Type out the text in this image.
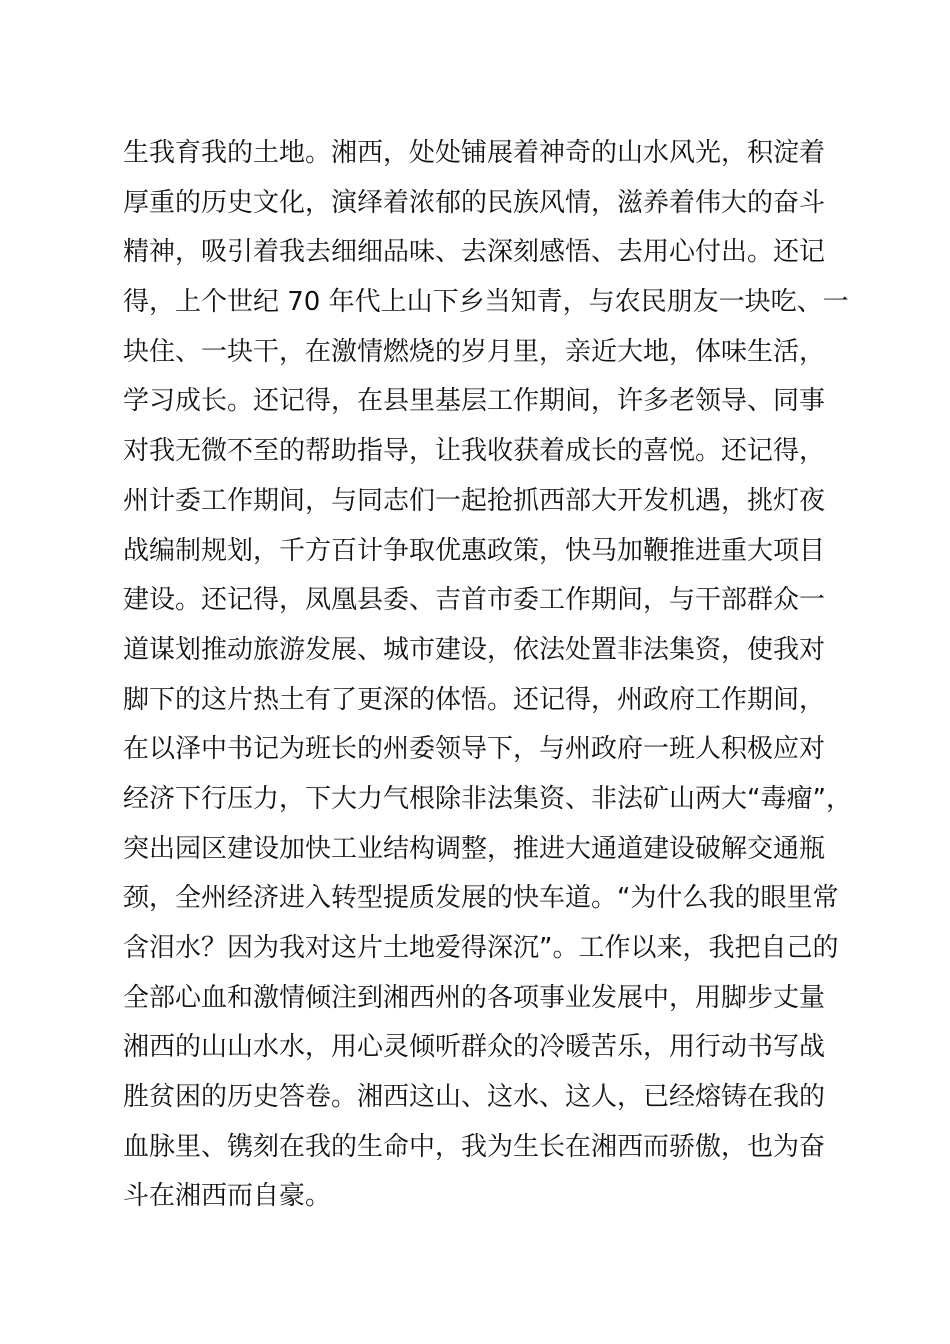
生我育我的土地。湘西，处处铺展着神奇的山水风光，积淀着
厚重的历史文化，演绎着浓郁的民族风情，滋养着伟大的奋斗
精神，吸引着我去细细品味、去深刻感悟、去用心付出。还记
得，上个世纪 70 年代上山下乡当知青，与农民朋友一块吃、一
块住、一块干，在激情燃烧的岁月里，亲近大地，体味生活，
学习成长。还记得，在县里基层工作期间，许多老领导、同事
对我无微不至的帮助指导，让我收获着成长的喜悦。还记得，
州计委工作期间，与同志们一起抢抓西部大开发机遇，挑灯夜
战编制规划，千方百计争取优惠政策，快马加鞭推进重大项目
建设。还记得，凤凰县委、吉首市委工作期间，与干部群众一
道谋划推动旅游发展、城市建设，依法处置非法集资，使我对
脚下的这片热土有了更深的体悟。还记得，州政府工作期间，
在以泽中书记为班长的州委领导下，与州政府一班人积极应对
经济下行压力，下大力气根除非法集资、非法矿山两大“毒瘤”，
突出园区建设加快工业结构调整，推进大通道建设破解交通瓶
颈，全州经济进入转型提质发展的快车道。“为什么我的眼里常
含泪水？因为我对这片土地爱得深沉”。工作以来，我把自己的
全部心血和激情倾注到湘西州的各项事业发展中，用脚步丈量
湘西的山山水水，用心灵倾听群众的冷暖苦乐，用行动书写战
胜贫困的历史答卷。湘西这山、这水、这人，已经熔铸在我的
血脉里、镌刻在我的生命中，我为生长在湘西而骄傲，也为奋
斗在湘西而自豪。
